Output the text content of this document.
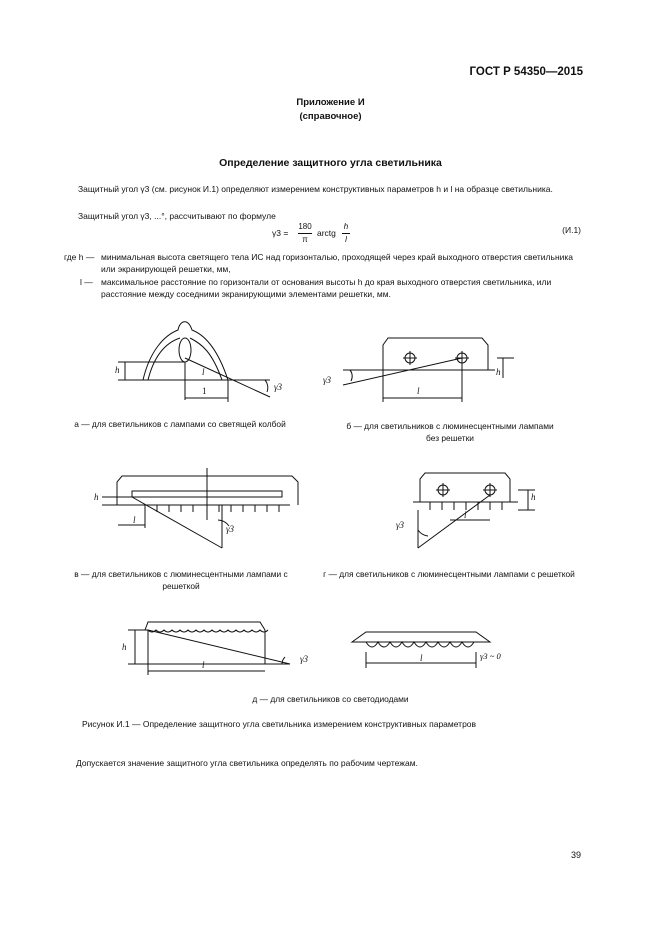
ГОСТ Р 54350—2015
Приложение И
(справочное)
Определение защитного угла светильника
Защитный угол γ3 (см. рисунок И.1) определяют измерением конструктивных параметров h и l на образце светильника.
Защитный угол γ3, ...°, рассчитывают по формуле
γ3 =
180
π
arctg
h
l
(И.1)
где h — минимальная высота светящего тела ИС над горизонталью, проходящей через край выходного отверстия светильника или экранирующей решетки, мм,
l — максимальное расстояние по горизонтали от основания высоты h до края выходного отверстия светильника, или расстояние между соседними экранирующими элементами решетки, мм.
h	l
1	γ3	l
h
γ3
h
l
γ3
l
h
γ3
h
l
γ3	l	γ3 ~ 0
а — для светильников с лампами со светящей колбой	б — для светильников с люминесцентными лампами без решетки
в — для светильников с люминесцентными лампами с решеткой
г — для светильников с люминесцентными лампами с решеткой
д — для светильников со светодиодами
Рисунок И.1 — Определение защитного угла светильника измерением конструктивных параметров
Допускается значение защитного угла светильника определять по рабочим чертежам.
39
